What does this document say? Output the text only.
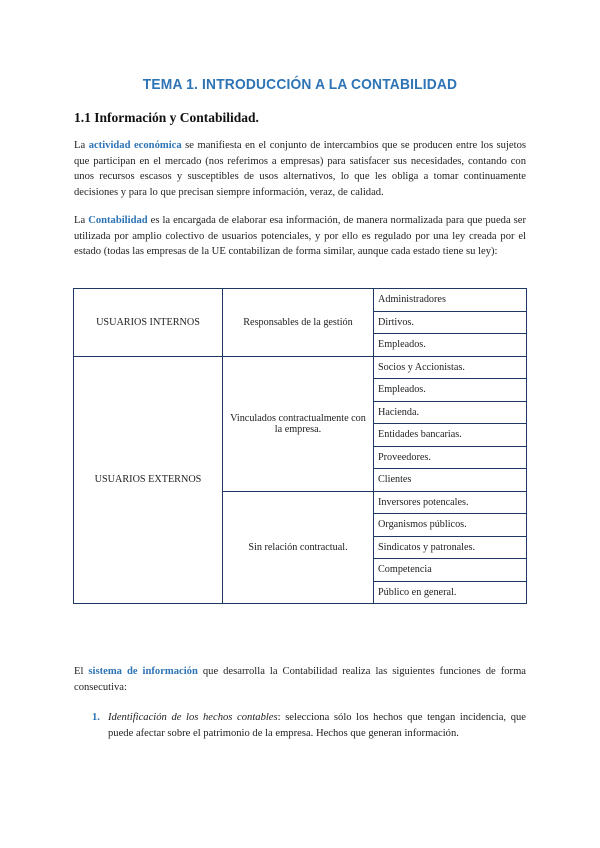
TEMA 1. INTRODUCCIÓN A LA CONTABILIDAD
1.1 Información y Contabilidad.
La actividad económica se manifiesta en el conjunto de intercambios que se producen entre los sujetos que participan en el mercado (nos referimos a empresas) para satisfacer sus necesidades, contando con unos recursos escasos y susceptibles de usos alternativos, lo que les obliga a tomar continuamente decisiones y para lo que precisan siempre información, veraz, de calidad.
La Contabilidad es la encargada de elaborar esa información, de manera normalizada para que pueda ser utilizada por amplio colectivo de usuarios potenciales, y por ello es regulado por una ley creada por el estado (todas las empresas de la UE contabilizan de forma similar, aunque cada estado tiene su ley):
USUARIOS INTERNOS	Responsables de la gestión	Administradores
		Dirtivos.
		Empleados.
USUARIOS EXTERNOS	Vinculados contractualmente con la empresa.	Socios y Accionistas.
		Empleados.
		Hacienda.
		Entidades bancarias.
		Proveedores.
		Clientes
	Sin relación contractual.	Inversores potencales.
		Organismos públicos.
		Sindicatos y patronales.
		Competencia
		Público en general.
El sistema de información que desarrolla la Contabilidad realiza las siguientes funciones de forma consecutiva:
1. Identificación de los hechos contables: selecciona sólo los hechos que tengan incidencia, que puede afectar sobre el patrimonio de la empresa. Hechos que generan información.
